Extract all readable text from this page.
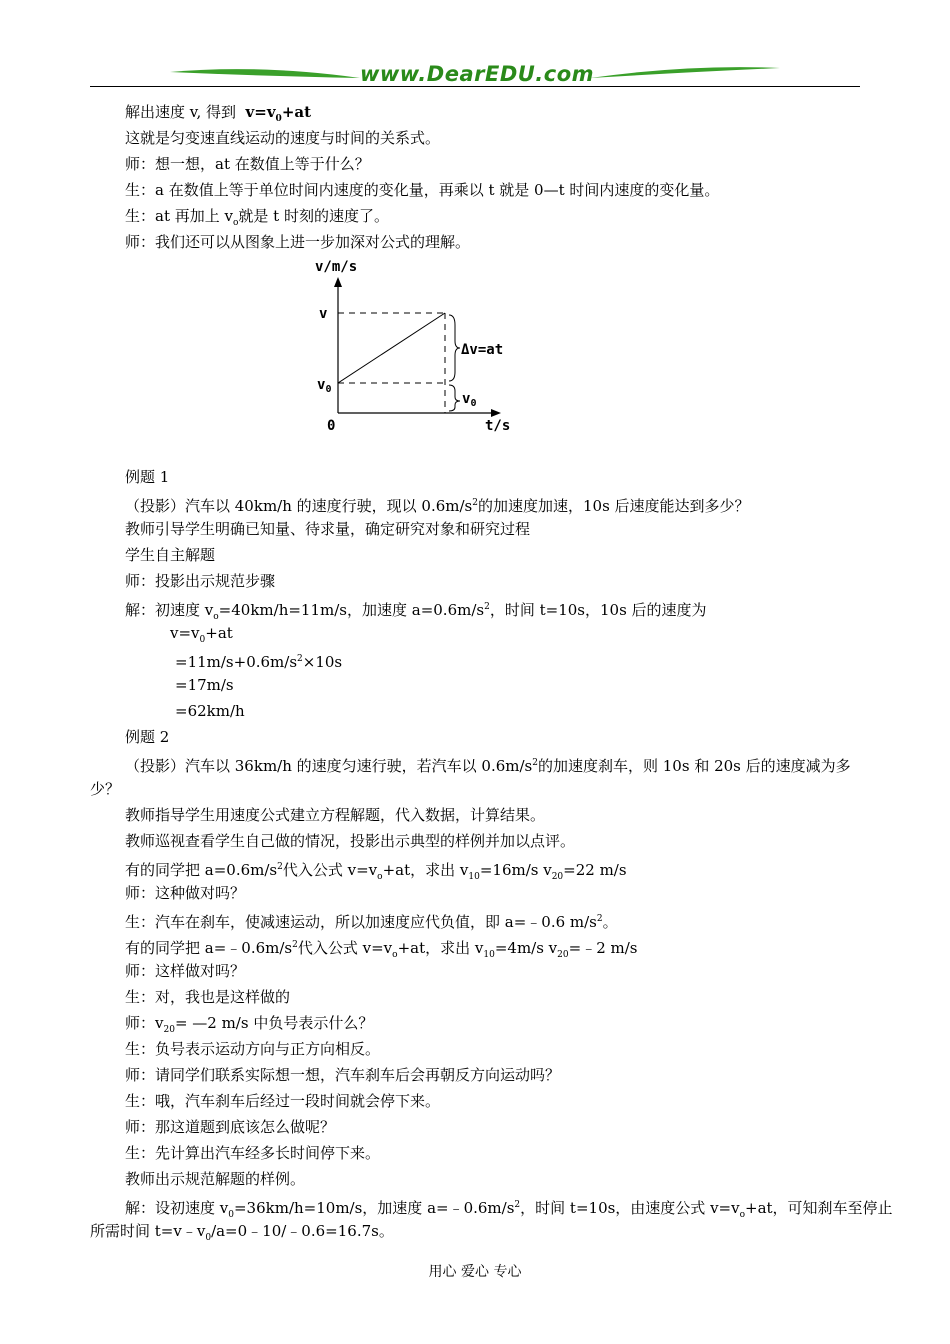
www.DearEDU.com
解出速度 v, 得到 $v=v_0+at$
这就是匀变速直线运动的速度与时间的关系式。
师：想一想，at 在数值上等于什么？
生：a 在数值上等于单位时间内速度的变化量，再乘以 t 就是 0—t 时间内速度的变化量。
生：at 再加上 $v_o$就是 t 时刻的速度了。
师：我们还可以从图象上进一步加深对公式的理解。
v/m/s
v
$v_0$
Δv=at
$v_0$
0	t/s
例题 1
（投影）汽车以 40km/h 的速度行驶，现以 $0.6m/s^2$的加速度加速，10s 后速度能达到多少？
教师引导学生明确已知量、待求量，确定研究对象和研究过程
学生自主解题
师：投影出示规范步骤
解：初速度 $v_o=40km/h=11m/s$，加速度 $a=0.6m/s^2$，时间 t=10s，10s 后的速度为
$v=v_0+at$
$=11m/s+0.6m/s^2\times 10s$
=17m/s
=62km/h
例题 2
（投影）汽车以 36km/h 的速度匀速行驶，若汽车以 $0.6m/s^2$的加速度刹车，则 10s 和 20s 后的速度减为多
少？
教师指导学生用速度公式建立方程解题，代入数据，计算结果。
教师巡视查看学生自己做的情况，投影出示典型的样例并加以点评。
有的同学把 $a=0.6m/s^2$代入公式 $v=v_o+at$，求出 $v_{10}=16m/s$ $v_{20}=22$ m/s
师：这种做对吗？
生：汽车在刹车，使减速运动，所以加速度应代负值，即 a=﹣0.6 $m/s^2$。
有的同学把 $a=﹣0.6m/s^2$代入公式 $v=v_o+at$，求出 $v_{10}=4m/s$ $v_{20}=﹣2$ m/s
师：这样做对吗？
生：对，我也是这样做的
师：$v_{20}=$ —2 m/s 中负号表示什么？
生：负号表示运动方向与正方向相反。
师：请同学们联系实际想一想，汽车刹车后会再朝反方向运动吗？
生：哦，汽车刹车后经过一段时间就会停下来。
师：那这道题到底该怎么做呢？
生：先计算出汽车经多长时间停下来。
教师出示规范解题的样例。
解：设初速度 $v_0=36km/h=10m/s$，加速度 $a=﹣0.6m/s^2$，时间 t=10s，由速度公式 $v=v_o+at$，可知刹车至停止
所需时间 $t=v﹣v_0/a=0﹣10/﹣0.6=16.7s$。
用心 爱心 专心
